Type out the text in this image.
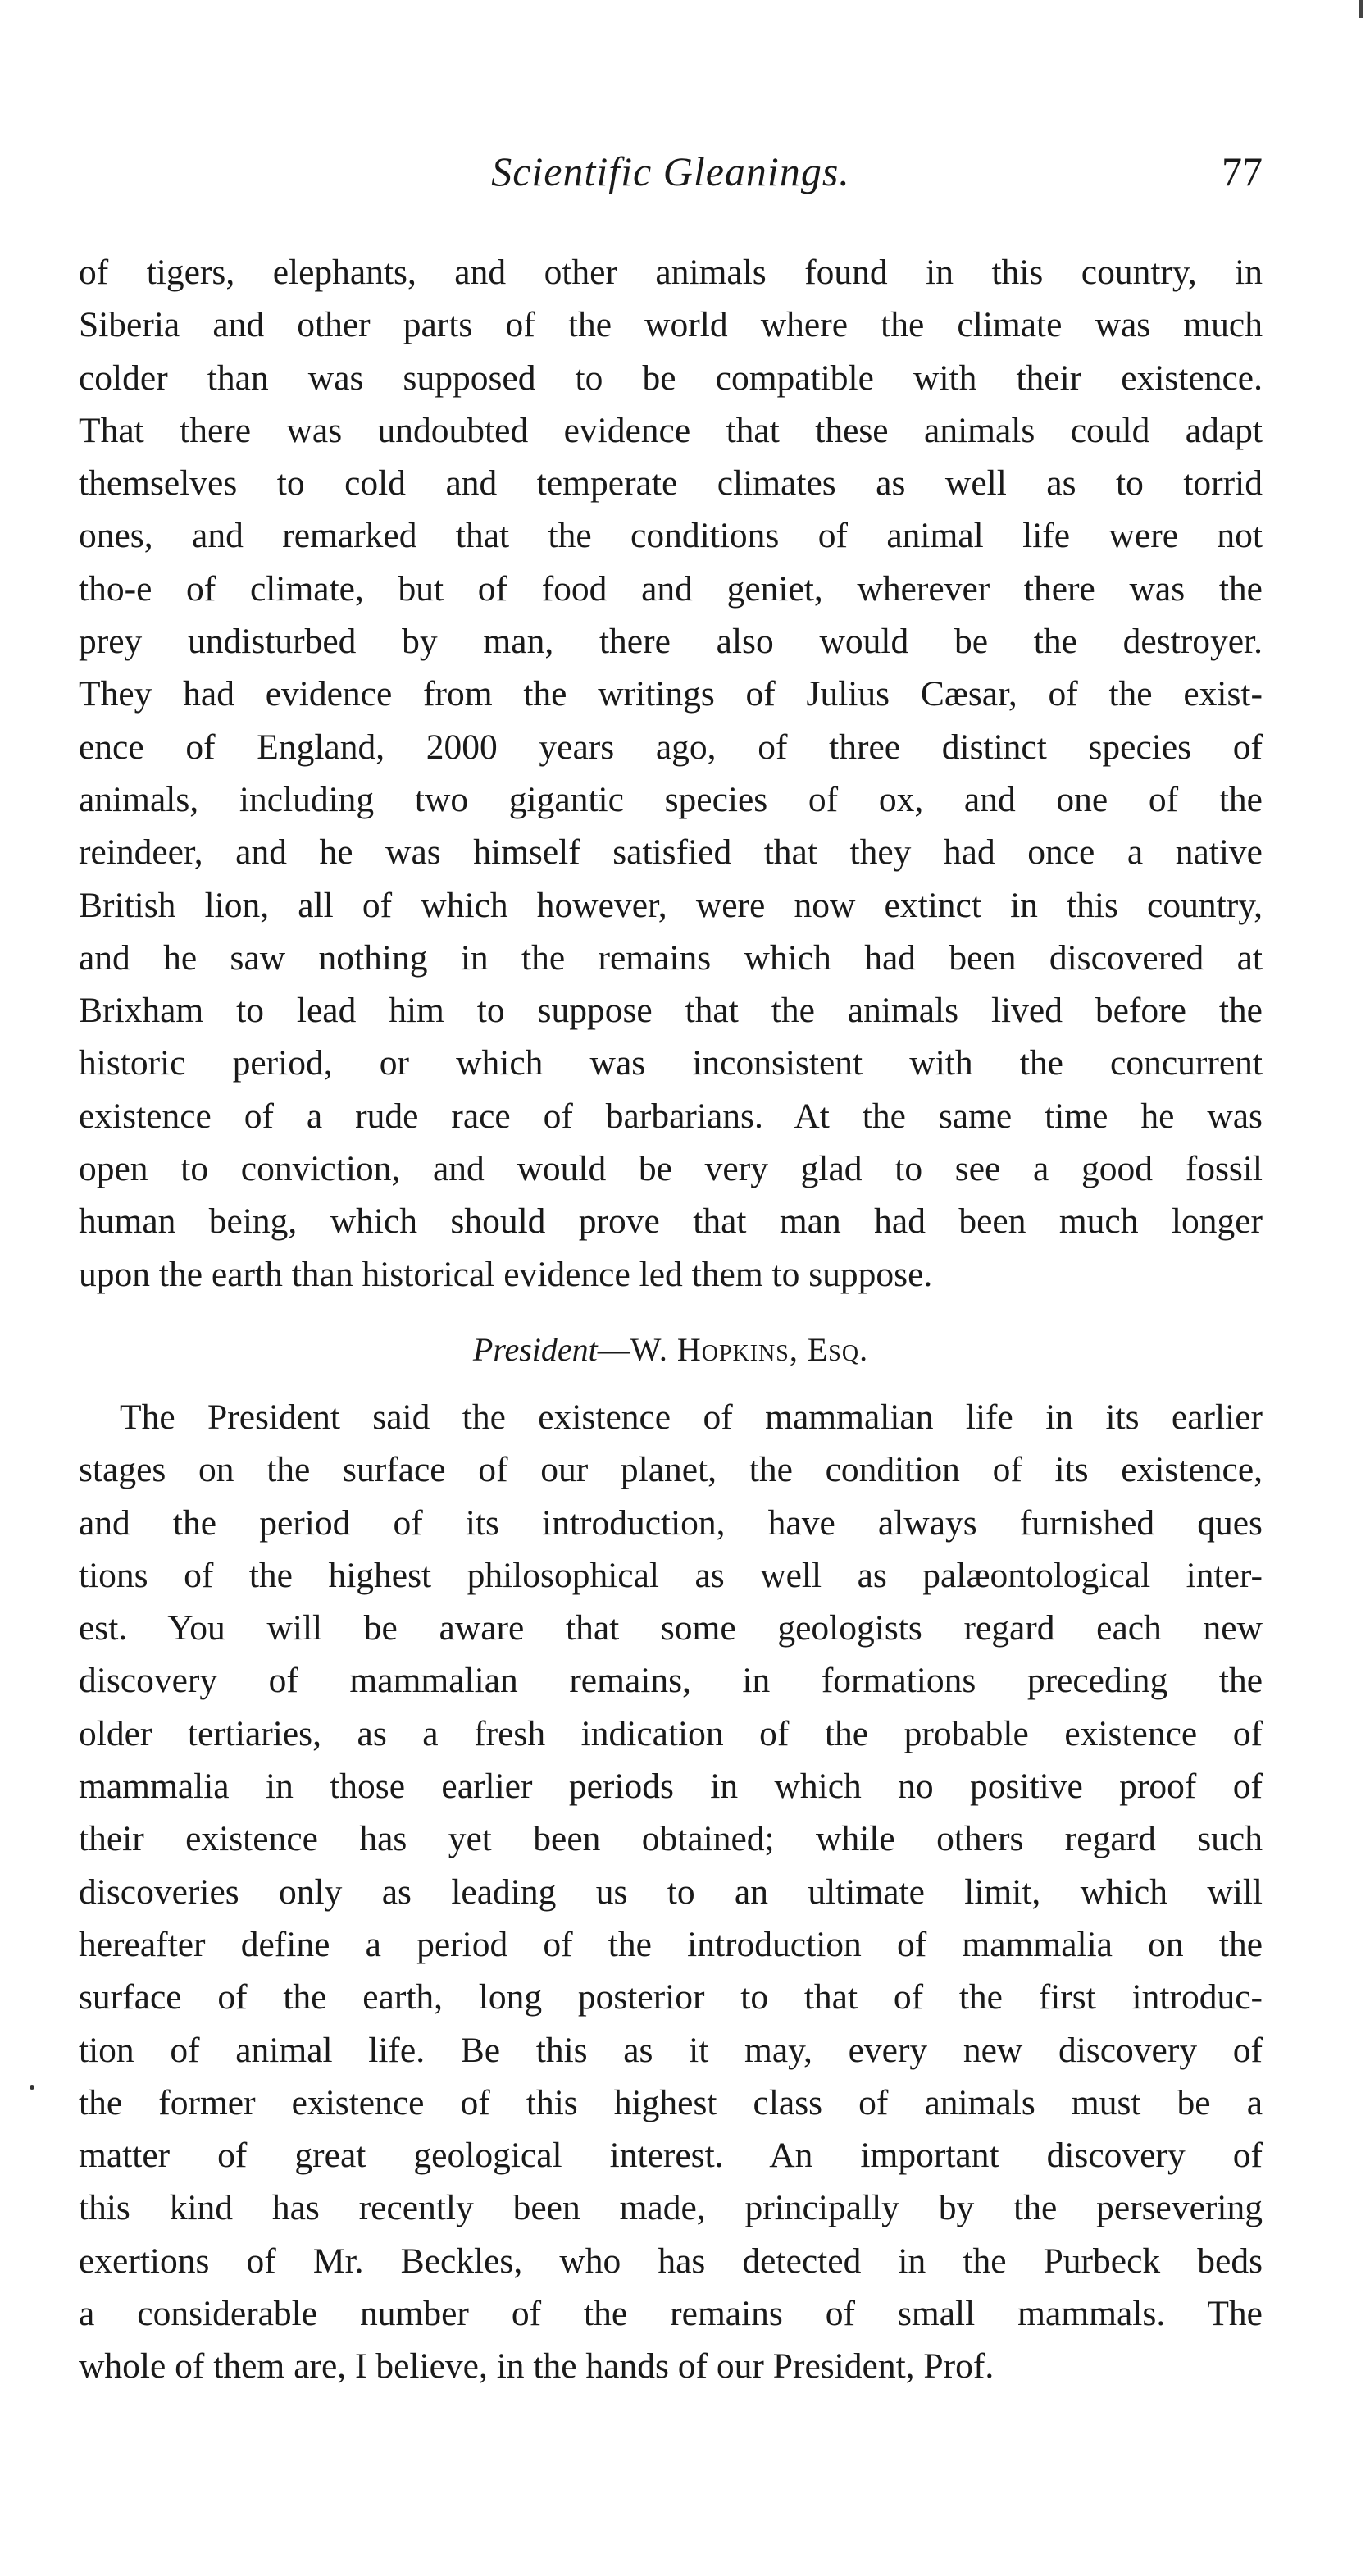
Scientific Gleanings.	77
of tigers, elephants, and other animals found in this country, in
Siberia and other parts of the world where the climate was much
colder than was supposed to be compatible with their existence.
That there was undoubted evidence that these animals could adapt
themselves to cold and temperate climates as well as to torrid
ones, and remarked that the conditions of animal life were not
tho-e of climate, but of food and geniet, wherever there was the
prey undisturbed by man, there also would be the destroyer.
They had evidence from the writings of Julius Cæsar, of the exist-
ence of England, 2000 years ago, of three distinct species of
animals, including two gigantic species of ox, and one of the
reindeer, and he was himself satisfied that they had once a native
British lion, all of which however, were now extinct in this country,
and he saw nothing in the remains which had been discovered at
Brixham to lead him to suppose that the animals lived before the
historic period, or which was inconsistent with the concurrent
existence of a rude race of barbarians. At the same time he was
open to conviction, and would be very glad to see a good fossil
human being, which should prove that man had been much longer
upon the earth than historical evidence led them to suppose.
President—W. Hopkins, Esq.
The President said the existence of mammalian life in its earlier
stages on the surface of our planet, the condition of its existence,
and the period of its introduction, have always furnished ques
tions of the highest philosophical as well as palæontological inter-
est. You will be aware that some geologists regard each new
discovery of mammalian remains, in formations preceding the
older tertiaries, as a fresh indication of the probable existence of
mammalia in those earlier periods in which no positive proof of
their existence has yet been obtained; while others regard such
discoveries only as leading us to an ultimate limit, which will
hereafter define a period of the introduction of mammalia on the
surface of the earth, long posterior to that of the first introduc-
tion of animal life. Be this as it may, every new discovery of
the former existence of this highest class of animals must be a
matter of great geological interest. An important discovery of
this kind has recently been made, principally by the persevering
exertions of Mr. Beckles, who has detected in the Purbeck beds
a considerable number of the remains of small mammals. The
whole of them are, I believe, in the hands of our President, Prof.
